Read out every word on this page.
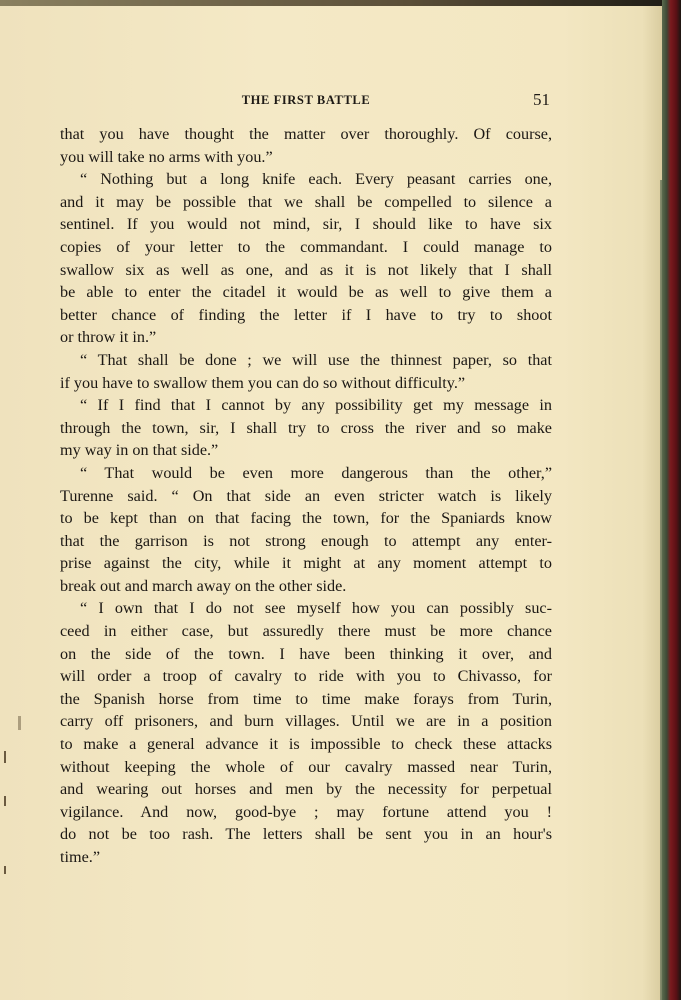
THE FIRST BATTLE	51
that you have thought the matter over thoroughly. Of course,
you will take no arms with you.”
“ Nothing but a long knife each. Every peasant carries one,
and it may be possible that we shall be compelled to silence a
sentinel. If you would not mind, sir, I should like to have six
copies of your letter to the commandant. I could manage to
swallow six as well as one, and as it is not likely that I shall
be able to enter the citadel it would be as well to give them a
better chance of finding the letter if I have to try to shoot
or throw it in.”
“ That shall be done ; we will use the thinnest paper, so that
if you have to swallow them you can do so without difficulty.”
“ If I find that I cannot by any possibility get my message in
through the town, sir, I shall try to cross the river and so make
my way in on that side.”
“ That would be even more dangerous than the other,”
Turenne said. “ On that side an even stricter watch is likely
to be kept than on that facing the town, for the Spaniards know
that the garrison is not strong enough to attempt any enter-
prise against the city, while it might at any moment attempt to
break out and march away on the other side.
“ I own that I do not see myself how you can possibly suc-
ceed in either case, but assuredly there must be more chance
on the side of the town. I have been thinking it over, and
will order a troop of cavalry to ride with you to Chivasso, for
the Spanish horse from time to time make forays from Turin,
carry off prisoners, and burn villages. Until we are in a position
to make a general advance it is impossible to check these attacks
without keeping the whole of our cavalry massed near Turin,
and wearing out horses and men by the necessity for perpetual
vigilance. And now, good-bye ; may fortune attend you !
do not be too rash. The letters shall be sent you in an hour's
time.”
